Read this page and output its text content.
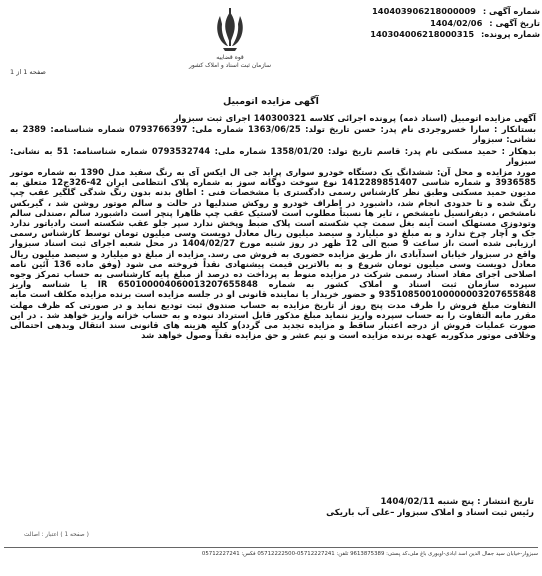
شماره آگهی : 140403906218000009
تاریخ آگهی : 1404/02/06
شماره پرونده: 140304006218000315
قوه قضاییه
سازمان ثبت اسناد و املاک کشور
صفحه 1 از 1
آگهی مزایده اتومبیل

آگهی مزایده اتومبیل (اسناد ذمه) پرونده اجرائی کلاسه 140300321 اجرای ثبت سبزوار

بستانکار : سارا خسروجردی نام پدر: حسن تاریخ تولد: 1363/06/25 شماره ملی: 0793766397 شماره شناسنامه: 2389 به نشانی: سبزوار

بدهکار : حمید مسکنی نام پدر: قاسم تاریخ تولد: 1358/01/20 شماره ملی: 0793532744 شماره شناسنامه: 51 به نشانی: سبزوار

مورد مزایده و محل آن: ششدانگ یک دستگاه خودرو سواری پراید جی ال ایکس آی به رنگ سفید مدل 1390 به شماره موتور 3936585 و شماره شاسی 1412289851407 نوع سوخت دوگانه سوز به شماره پلاک انتظامی ایران 42-326ج12 متعلق به مدیون حمید مسکنی وطبق نظر کارشناس رسمی دادگستری با مشخصات فنی : اطاق بدنه بدون رنگ شدگی گلگیر عقب چپ رنگ شده و تا حدودی انجام شد، داشبورد در اطراف خودرو و روکش صندلیها در حالت و سالم موتور روشن شد ، گیربکس نامشخص ، دیفرانسیل نامشخص ، تایر ها نسبتاً مطلوب است لاستیک عقب چپ ظاهرا پنچر است داشبورد سالم ،صندلی سالم وتودوزی مستهلک است آینه بغل سمت چپ شکسته است پلاک ضبط وپخش ندارد سپر جلو عقب شکسته است رادیاتور ندارد جک و آچار چرخ ندارد و به مبلغ دو میلیارد و سیصد میلیون ریال معادل دویست وسی میلیون تومان توسط کارشناس رسمی ارزیابی شده است ،از ساعت 9 صبح الی 12 ظهر در روز شنبه مورخ 1404/02/27 در محل شعبه اجرای ثبت اسناد سبزوار واقع در سبزوار خیابان اسدآبادی ،از طریق مزایده حضوری به فروش می رسد. مزایده از مبلغ دو میلیارد و سیصد میلیون ریال معادل دویست وسی میلیون تومان شروع و به بالاترین قیمت پیشنهادی نقداً فروخته می شود (وفق ماده 136 آئین نامه اصلاحی اجرای مفاد اسناد رسمی شرکت در مزایده منوط به پرداخت ده درصد از مبلغ پایه کارشناسی به حساب تمرکز وجوه سپرده سازمان ثبت اسناد و املاک کشور به شماره IR 650100004060013207655848 یا شناسه واریز 935108500100000003207655848 و حضور خریدار یا نماینده قانونی او در جلسه مزایده است برنده مزایده مکلف است مابه التفاوت مبلغ فروش را ظرف مدت پنج روز از تاریخ مزایده به حساب صندوق ثبت تودیع نماید و در صورتی که ظرف مهلت مقرر مابه التفاوت را به حساب سپرده واریز ننماید مبلغ مذکور قابل استرداد نبوده و به حساب خزانه واریز خواهد شد . در این صورت عملیات فروش از درجه اعتبار ساقط و مزایده تجدید می گردد)و کلیه هزینه های قانونی سند انتقال وبدهی احتمالی وخلافی موتور مذکوربه عهده برنده مزایده است و نیم عشر و حق مزایده نقداً وصول خواهد شد

تاریخ انتشار : پنج شنبه 1404/02/11
رئیس ثبت اسناد و املاک سبزوار –علی آب باریکی
( صفحه 1 ) اعتبار : اصالت
سبزوار-خیابان سید جمال الدین اسد آبادی-اوبوری باغ ملی،کد پستی: 9613875389 تلفن: 05712227241-05712222500 فکس: 05712227241
